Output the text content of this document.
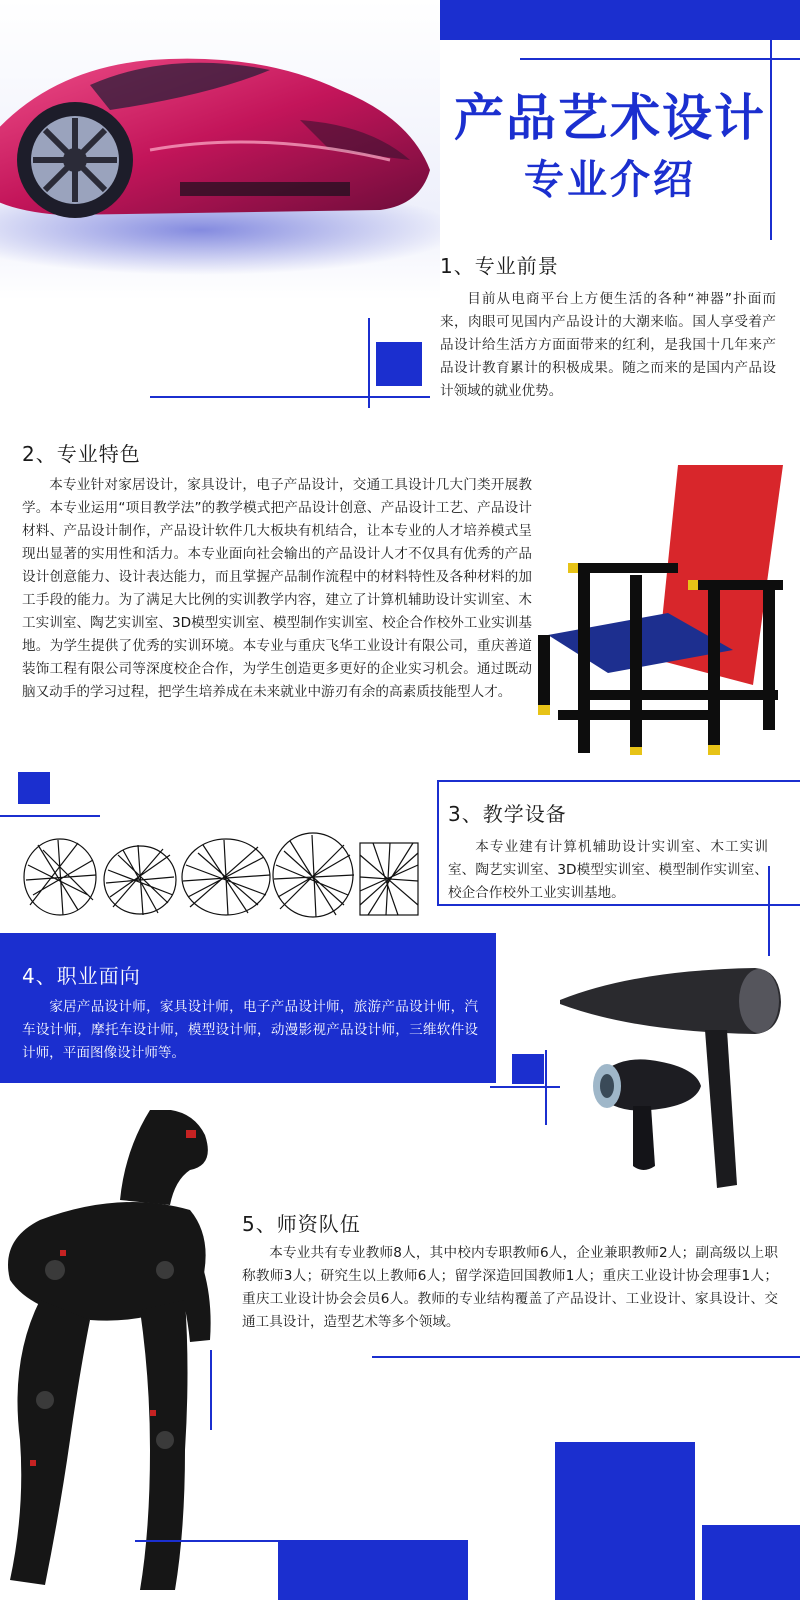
产品艺术设计
专业介绍
1、专业前景

目前从电商平台上方便生活的各种“神器”扑面而来，肉眼可见国内产品设计的大潮来临。国人享受着产品设计给生活方方面面带来的红利，是我国十几年来产品设计教育累计的积极成果。随之而来的是国内产品设计领域的就业优势。

2、专业特色

本专业针对家居设计，家具设计，电子产品设计，交通工具设计几大门类开展教学。本专业运用“项目教学法”的教学模式把产品设计创意、产品设计工艺、产品设计材料、产品设计制作，产品设计软件几大板块有机结合，让本专业的人才培养模式呈现出显著的实用性和活力。本专业面向社会输出的产品设计人才不仅具有优秀的产品设计创意能力、设计表达能力，而且掌握产品制作流程中的材料特性及各种材料的加工手段的能力。为了满足大比例的实训教学内容，建立了计算机辅助设计实训室、木工实训室、陶艺实训室、3D模型实训室、模型制作实训室、校企合作校外工业实训基地。为学生提供了优秀的实训环境。本专业与重庆飞华工业设计有限公司，重庆善道装饰工程有限公司等深度校企合作，为学生创造更多更好的企业实习机会。通过既动脑又动手的学习过程，把学生培养成在未来就业中游刃有余的高素质技能型人才。

3、教学设备

本专业建有计算机辅助设计实训室、木工实训室、陶艺实训室、3D模型实训室、模型制作实训室、校企合作校外工业实训基地。

4、职业面向

家居产品设计师，家具设计师，电子产品设计师，旅游产品设计师，汽车设计师，摩托车设计师，模型设计师，动漫影视产品设计师，三维软件设计师，平面图像设计师等。

5、师资队伍

本专业共有专业教师8人，其中校内专职教师6人，企业兼职教师2人；副高级以上职称教师3人；研究生以上教师6人；留学深造回国教师1人；重庆工业设计协会理事1人；重庆工业设计协会会员6人。教师的专业结构覆盖了产品设计、工业设计、家具设计、交通工具设计，造型艺术等多个领域。
